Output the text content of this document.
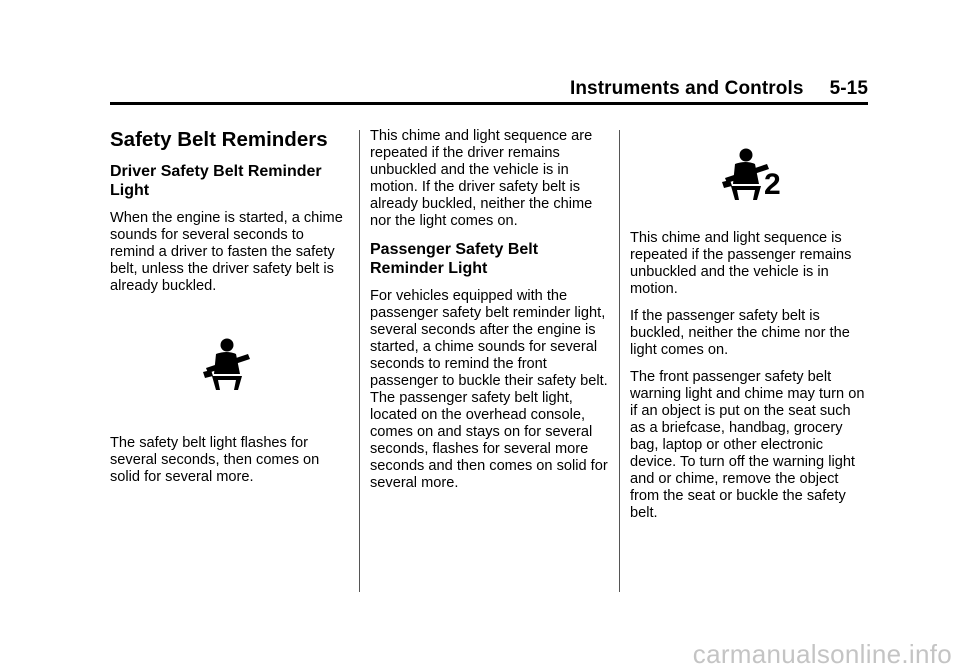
Instruments and Controls 5-15
Safety Belt Reminders
Driver Safety Belt Reminder Light

When the engine is started, a chime sounds for several seconds to remind a driver to fasten the safety belt, unless the driver safety belt is already buckled.

The safety belt light flashes for several seconds, then comes on solid for several more.

This chime and light sequence are repeated if the driver remains unbuckled and the vehicle is in motion. If the driver safety belt is already buckled, neither the chime nor the light comes on.

Passenger Safety Belt Reminder Light

For vehicles equipped with the passenger safety belt reminder light, several seconds after the engine is started, a chime sounds for several seconds to remind the front passenger to buckle their safety belt. The passenger safety belt light, located on the overhead console, comes on and stays on for several seconds, flashes for several more seconds and then comes on solid for several more.

2

This chime and light sequence is repeated if the passenger remains unbuckled and the vehicle is in motion.

If the passenger safety belt is buckled, neither the chime nor the light comes on.

The front passenger safety belt warning light and chime may turn on if an object is put on the seat such as a briefcase, handbag, grocery bag, laptop or other electronic device. To turn off the warning light and or chime, remove the object from the seat or buckle the safety belt.

carmanualsonline.info
